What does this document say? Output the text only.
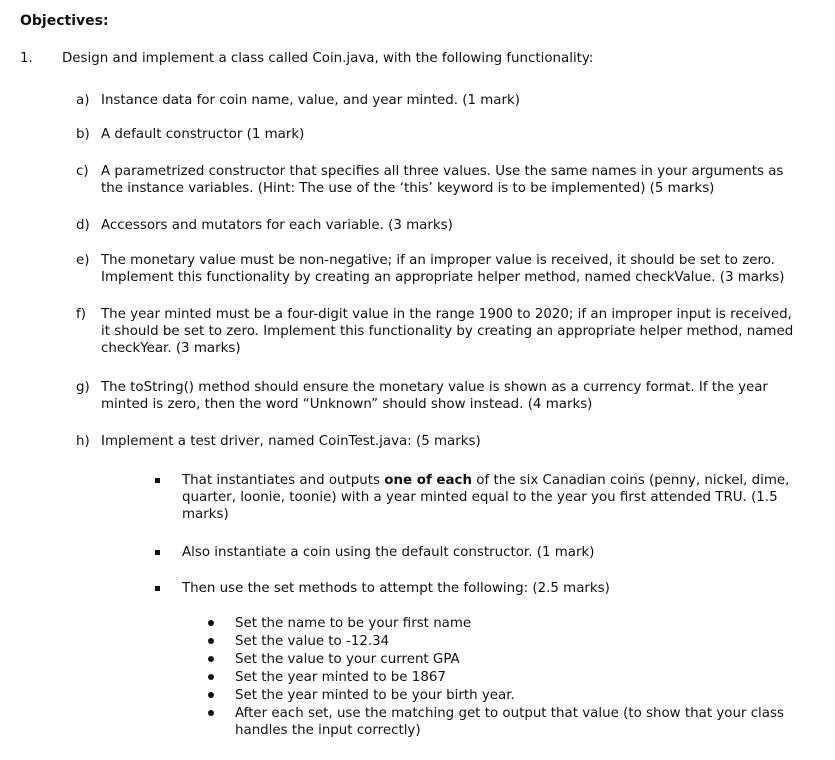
Objectives:
1.	Design and implement a class called Coin.java, with the following functionality:
a) Instance data for coin name, value, and year minted. (1 mark)
b) A default constructor (1 mark)
c) A parametrized constructor that specifies all three values. Use the same names in your arguments as the instance variables. (Hint: The use of the ‘this’ keyword is to be implemented) (5 marks)
d) Accessors and mutators for each variable. (3 marks)
e) The monetary value must be non-negative; if an improper value is received, it should be set to zero. Implement this functionality by creating an appropriate helper method, named checkValue. (3 marks)
f)	The year minted must be a four-digit value in the range 1900 to 2020; if an improper input is received, it should be set to zero. Implement this functionality by creating an appropriate helper method, named checkYear. (3 marks)
g) The toString() method should ensure the monetary value is shown as a currency format. If the year minted is zero, then the word “Unknown” should show instead. (4 marks)
h) Implement a test driver, named CoinTest.java: (5 marks)
That instantiates and outputs one of each of the six Canadian coins (penny, nickel, dime, quarter, loonie, toonie) with a year minted equal to the year you first attended TRU. (1.5 marks)
Also instantiate a coin using the default constructor. (1 mark)
Then use the set methods to attempt the following: (2.5 marks)
Set the name to be your first name
Set the value to -12.34
Set the value to your current GPA
Set the year minted to be 1867
Set the year minted to be your birth year.
After each set, use the matching get to output that value (to show that your class handles the input correctly)
